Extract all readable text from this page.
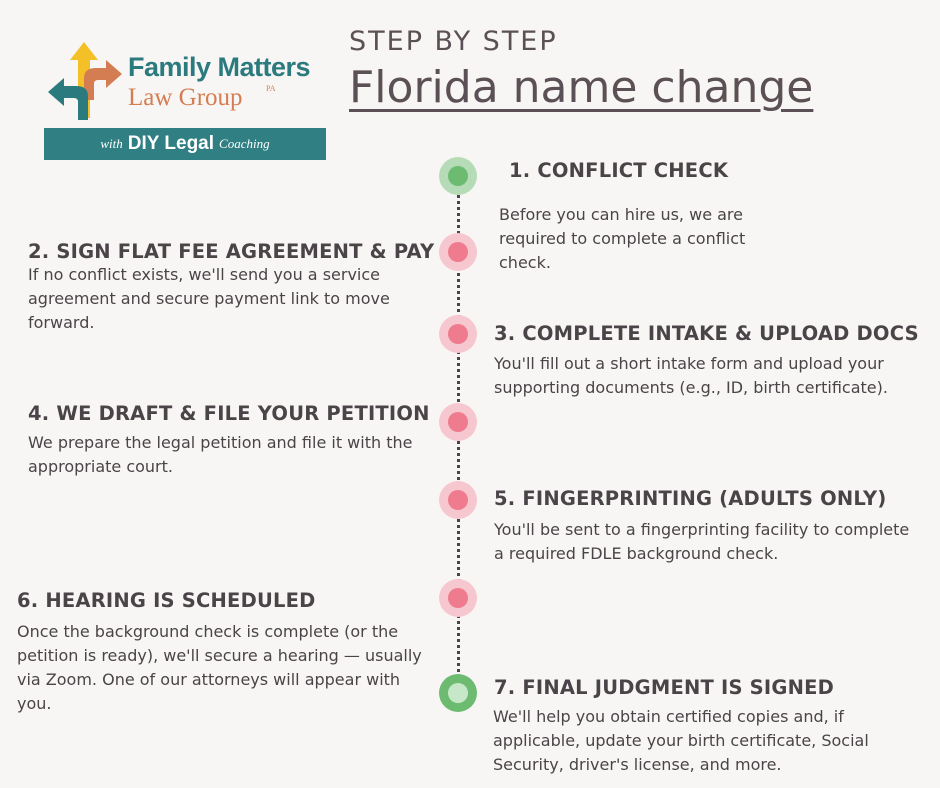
Family Matters
Law Group	PA
with DIY Legal Coaching
STEP BY STEP
Florida name change
1. CONFLICT CHECK
Before you can hire us, we are required to complete a conflict check.
2. SIGN FLAT FEE AGREEMENT & PAY
If no conflict exists, we'll send you a service agreement and secure payment link to move forward.	3. COMPLETE INTAKE & UPLOAD DOCS
You'll fill out a short intake form and upload your supporting documents (e.g., ID, birth certificate).
4. WE DRAFT & FILE YOUR PETITION
We prepare the legal petition and file it with the appropriate court.
5. FINGERPRINTING (ADULTS ONLY)
You'll be sent to a fingerprinting facility to complete a required FDLE background check.
6. HEARING IS SCHEDULED
Once the background check is complete (or the petition is ready), we'll secure a hearing — usually via Zoom. One of our attorneys will appear with you.
7. FINAL JUDGMENT IS SIGNED
We'll help you obtain certified copies and, if applicable, update your birth certificate, Social Security, driver's license, and more.
